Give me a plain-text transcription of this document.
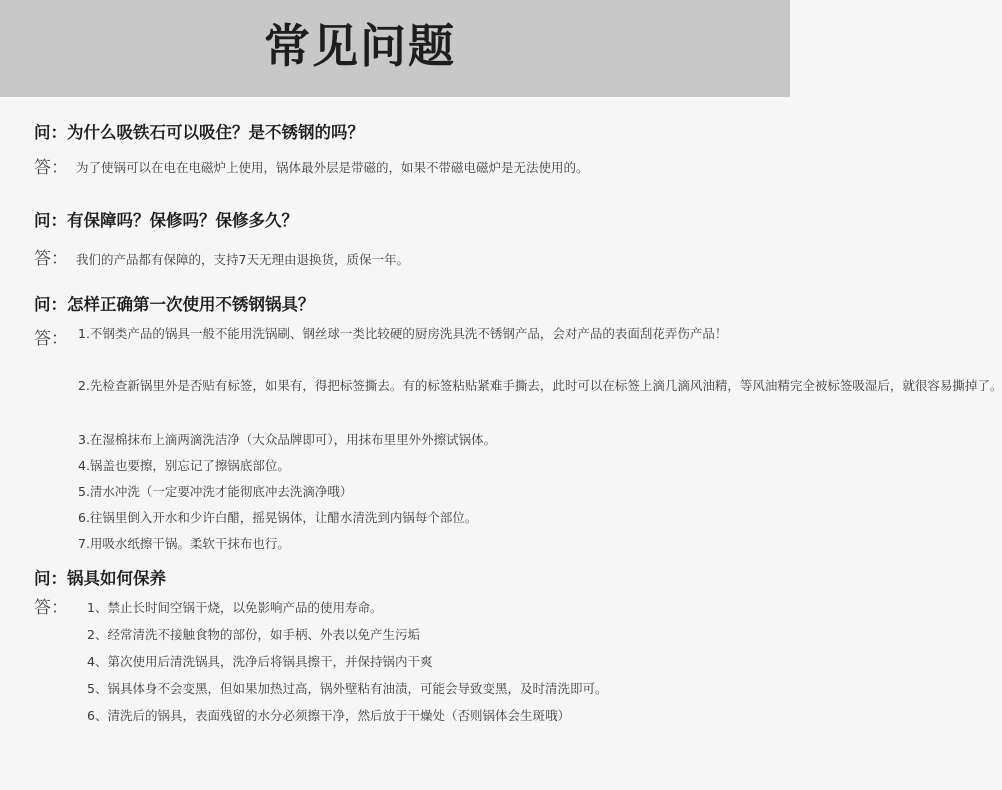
常见问题
问：为什么吸铁石可以吸住？是不锈钢的吗？
答： 为了使锅可以在电在电磁炉上使用，锅体最外层是带磁的，如果不带磁电磁炉是无法使用的。
问：有保障吗？保修吗？保修多久？
答： 我们的产品都有保障的，支持7天无理由退换货，质保一年。
问：怎样正确第一次使用不锈钢锅具？
答： 1.不钢类产品的锅具一般不能用洗锅刷、钢丝球一类比较硬的厨房洗具洗不锈钢产品，会对产品的表面刮花弄伤产品！
2.先检查新锅里外是否贴有标签，如果有，得把标签撕去。有的标签粘贴紧难手撕去，此时可以在标签上滴几滴风油精，等风油精完全被标签吸湿后，就很容易撕掉了。
3.在湿棉抹布上滴两滴洗洁净（大众品牌即可），用抹布里里外外擦试锅体。
4.锅盖也要擦，别忘记了擦锅底部位。
5.清水冲洗（一定要冲洗才能彻底冲去洗滴净哦）
6.往锅里倒入开水和少许白醋，摇晃锅体，让醋水清洗到内锅每个部位。
7.用吸水纸擦干锅。柔软干抹布也行。
问：锅具如何保养
答： 1、禁止长时间空锅干烧，以免影响产品的使用寿命。
2、经常清洗不接触食物的部份，如手柄、外表以免产生污垢
4、第次使用后清洗锅具，洗净后将锅具擦干，并保持锅内干爽
5、锅具体身不会变黑，但如果加热过高，锅外壁粘有油渍，可能会导致变黑，及时清洗即可。
6、清洗后的锅具，表面残留的水分必须擦干净，然后放于干燥处（否则锅体会生斑哦）
